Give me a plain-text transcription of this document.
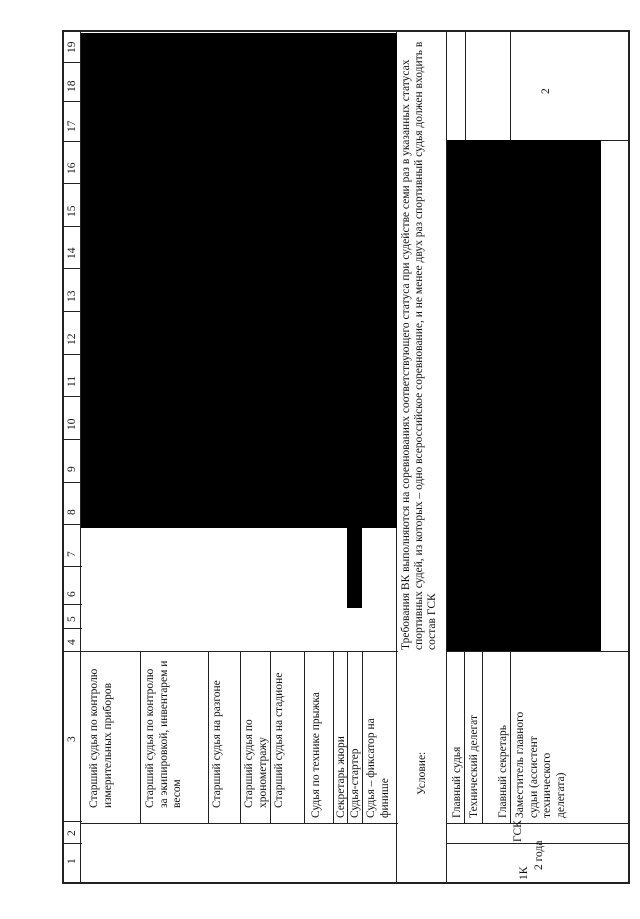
19
18
17
16
15
14
13
12
11
10
9
8
7
6
5
4
3
2
1
Старший судья по контролю измерительных приборов	Старший судья по контролю за экипировкой, инвентарем и весом Старший судья на разгоне Старший судья по хронометражу Старший судья на стадионе Судья по технике прыжка Секретарь жюри Судья-стартер Судья – фиксатор на финише
Условие:
Требования ВК выполняются на соревнованиях соответствующего статуса при судействе семи раз в указанных статусах спортивных судей, из которых – одно всероссийское соревнование, и не менее двух раз спортивный судья должен входить в состав ГСК
Главный судья Технический делегат Главный секретарь Заместитель главного судьи (ассистент технического делегата)
ГСК
2 года
1К
2
